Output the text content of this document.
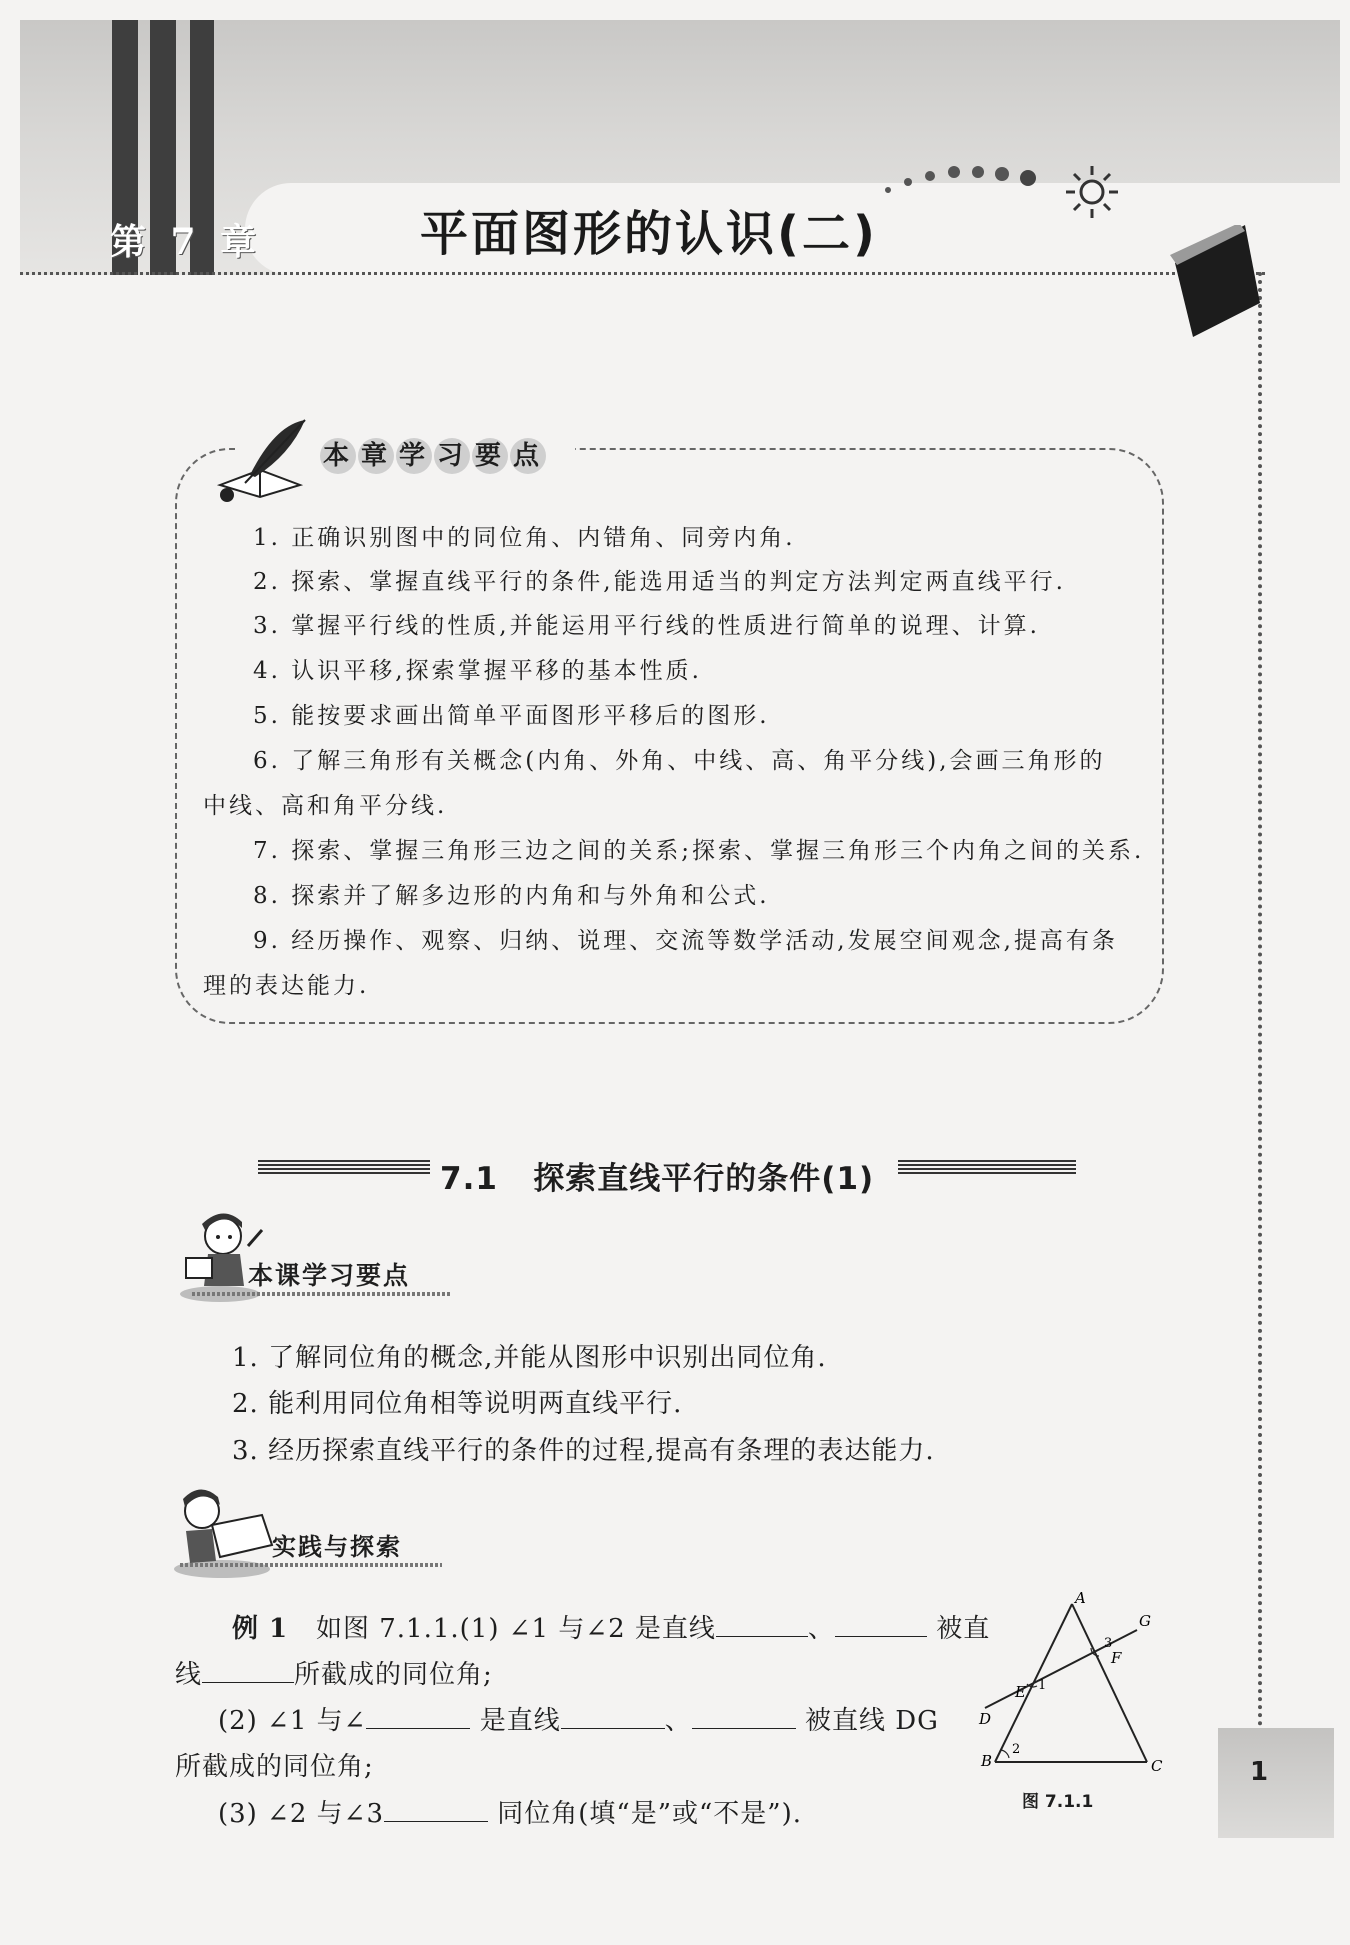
第 7 章	平面图形的认识(二)
本 章 学 习 要 点
1. 正确识别图中的同位角、内错角、同旁内角.
2. 探索、掌握直线平行的条件,能选用适当的判定方法判定两直线平行.
3. 掌握平行线的性质,并能运用平行线的性质进行简单的说理、计算.
4. 认识平移,探索掌握平移的基本性质.
5. 能按要求画出简单平面图形平移后的图形.
6. 了解三角形有关概念(内角、外角、中线、高、角平分线),会画三角形的
中线、高和角平分线.
7. 探索、掌握三角形三边之间的关系;探索、掌握三角形三个内角之间的关系.
8. 探索并了解多边形的内角和与外角和公式.
9. 经历操作、观察、归纳、说理、交流等数学活动,发展空间观念,提高有条
理的表达能力.
7.1 探索直线平行的条件(1)
本课学习要点
1. 了解同位角的概念,并能从图形中识别出同位角.
2. 能利用同位角相等说明两直线平行.
3. 经历探索直线平行的条件的过程,提高有条理的表达能力.
实践与探索
例 1 如图 7.1.1.(1) ∠1 与∠2 是直线	、	被直
线	所截成的同位角;
(2) ∠1 与∠	是直线	、	被直线 DG
所截成的同位角;
(3) ∠2 与∠3	同位角(填“是”或“不是”).
A
B	C
D
E
F
G
1
2
3
图 7.1.1
1
